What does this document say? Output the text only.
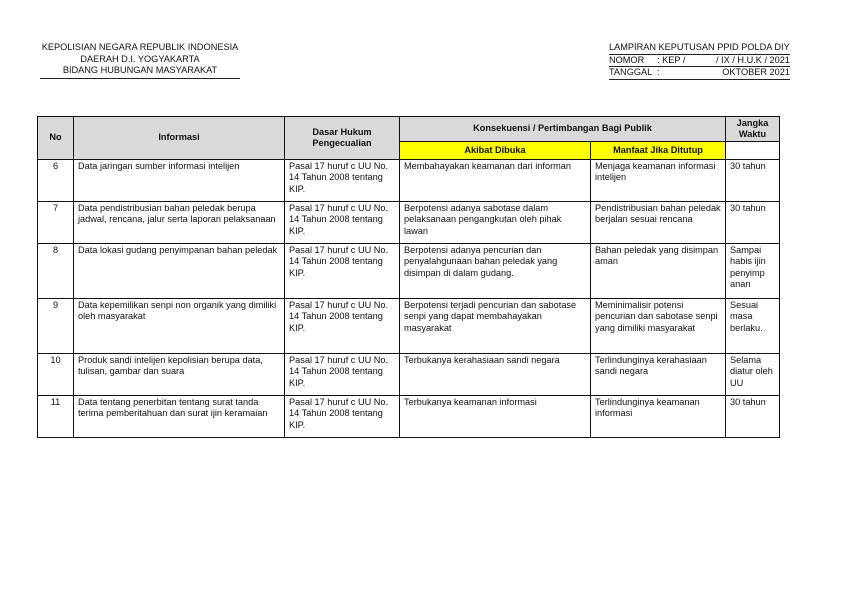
KEPOLISIAN NEGARA REPUBLIK INDONESIA
DAERAH D.I. YOGYAKARTA
BIDANG HUBUNGAN MASYARAKAT
LAMPIRAN KEPUTUSAN PPID POLDA DIY
NOMOR	: KEP /	/ IX / H.U.K / 2021
TANGGAL :	OKTOBER 2021
No	Informasi	Dasar Hukum Pengecualian	Konsekuensi / Pertimbangan Bagi Publik		Jangka Waktu
			Akibat Dibuka	Manfaat Jika Ditutup	
6	Data jaringan sumber informasi intelijen	Pasal 17 huruf c UU No. 14 Tahun 2008 tentang KIP.	Membahayakan keamanan dari informan	Menjaga keamanan informasi intelijen	30 tahun
7	Data pendistribusian bahan peledak berupa jadwal, rencana, jalur serta laporan pelaksanaan	Pasal 17 huruf c UU No. 14 Tahun 2008 tentang KIP.	Berpotensi adanya sabotase dalam pelaksanaan pengangkutan oleh pihak lawan	Pendistribusian bahan peledak berjalan sesuai rencana	30 tahun
8	Data lokasi gudang penyimpanan bahan peledak	Pasal 17 huruf c UU No. 14 Tahun 2008 tentang KIP.	Berpotensi adanya pencurian dan penyalahgunaan bahan peledak yang disimpan di dalam gudang.	Bahan peledak yang disimpan aman	Sampai habis ijin penyimp anan
9	Data kepemilikan senpi non organik yang dimiliki oleh masyarakat	Pasal 17 huruf c UU No. 14 Tahun 2008 tentang KIP.	Berpotensi terjadi pencurian dan sabotase senpi yang dapat membahayakan masyarakat	Meminimalisir potensi pencurian dan sabotase senpi yang dimiliki masyarakat	Sesuai masa berlaku.
10	Produk sandi intelijen kepolisian berupa data, tulisan, gambar dan suara	Pasal 17 huruf c UU No. 14 Tahun 2008 tentang KIP.	Terbukanya kerahasiaan sandi negara	Terlindunginya kerahasiaan sandi negara	Selama diatur oleh UU
11	Data tentang penerbitan tentang surat tanda terima pemberitahuan dan surat ijin keramaian	Pasal 17 huruf c UU No. 14 Tahun 2008 tentang KIP.	Terbukanya keamanan informasi	Terlindunginya keamanan informasi	30 tahun
